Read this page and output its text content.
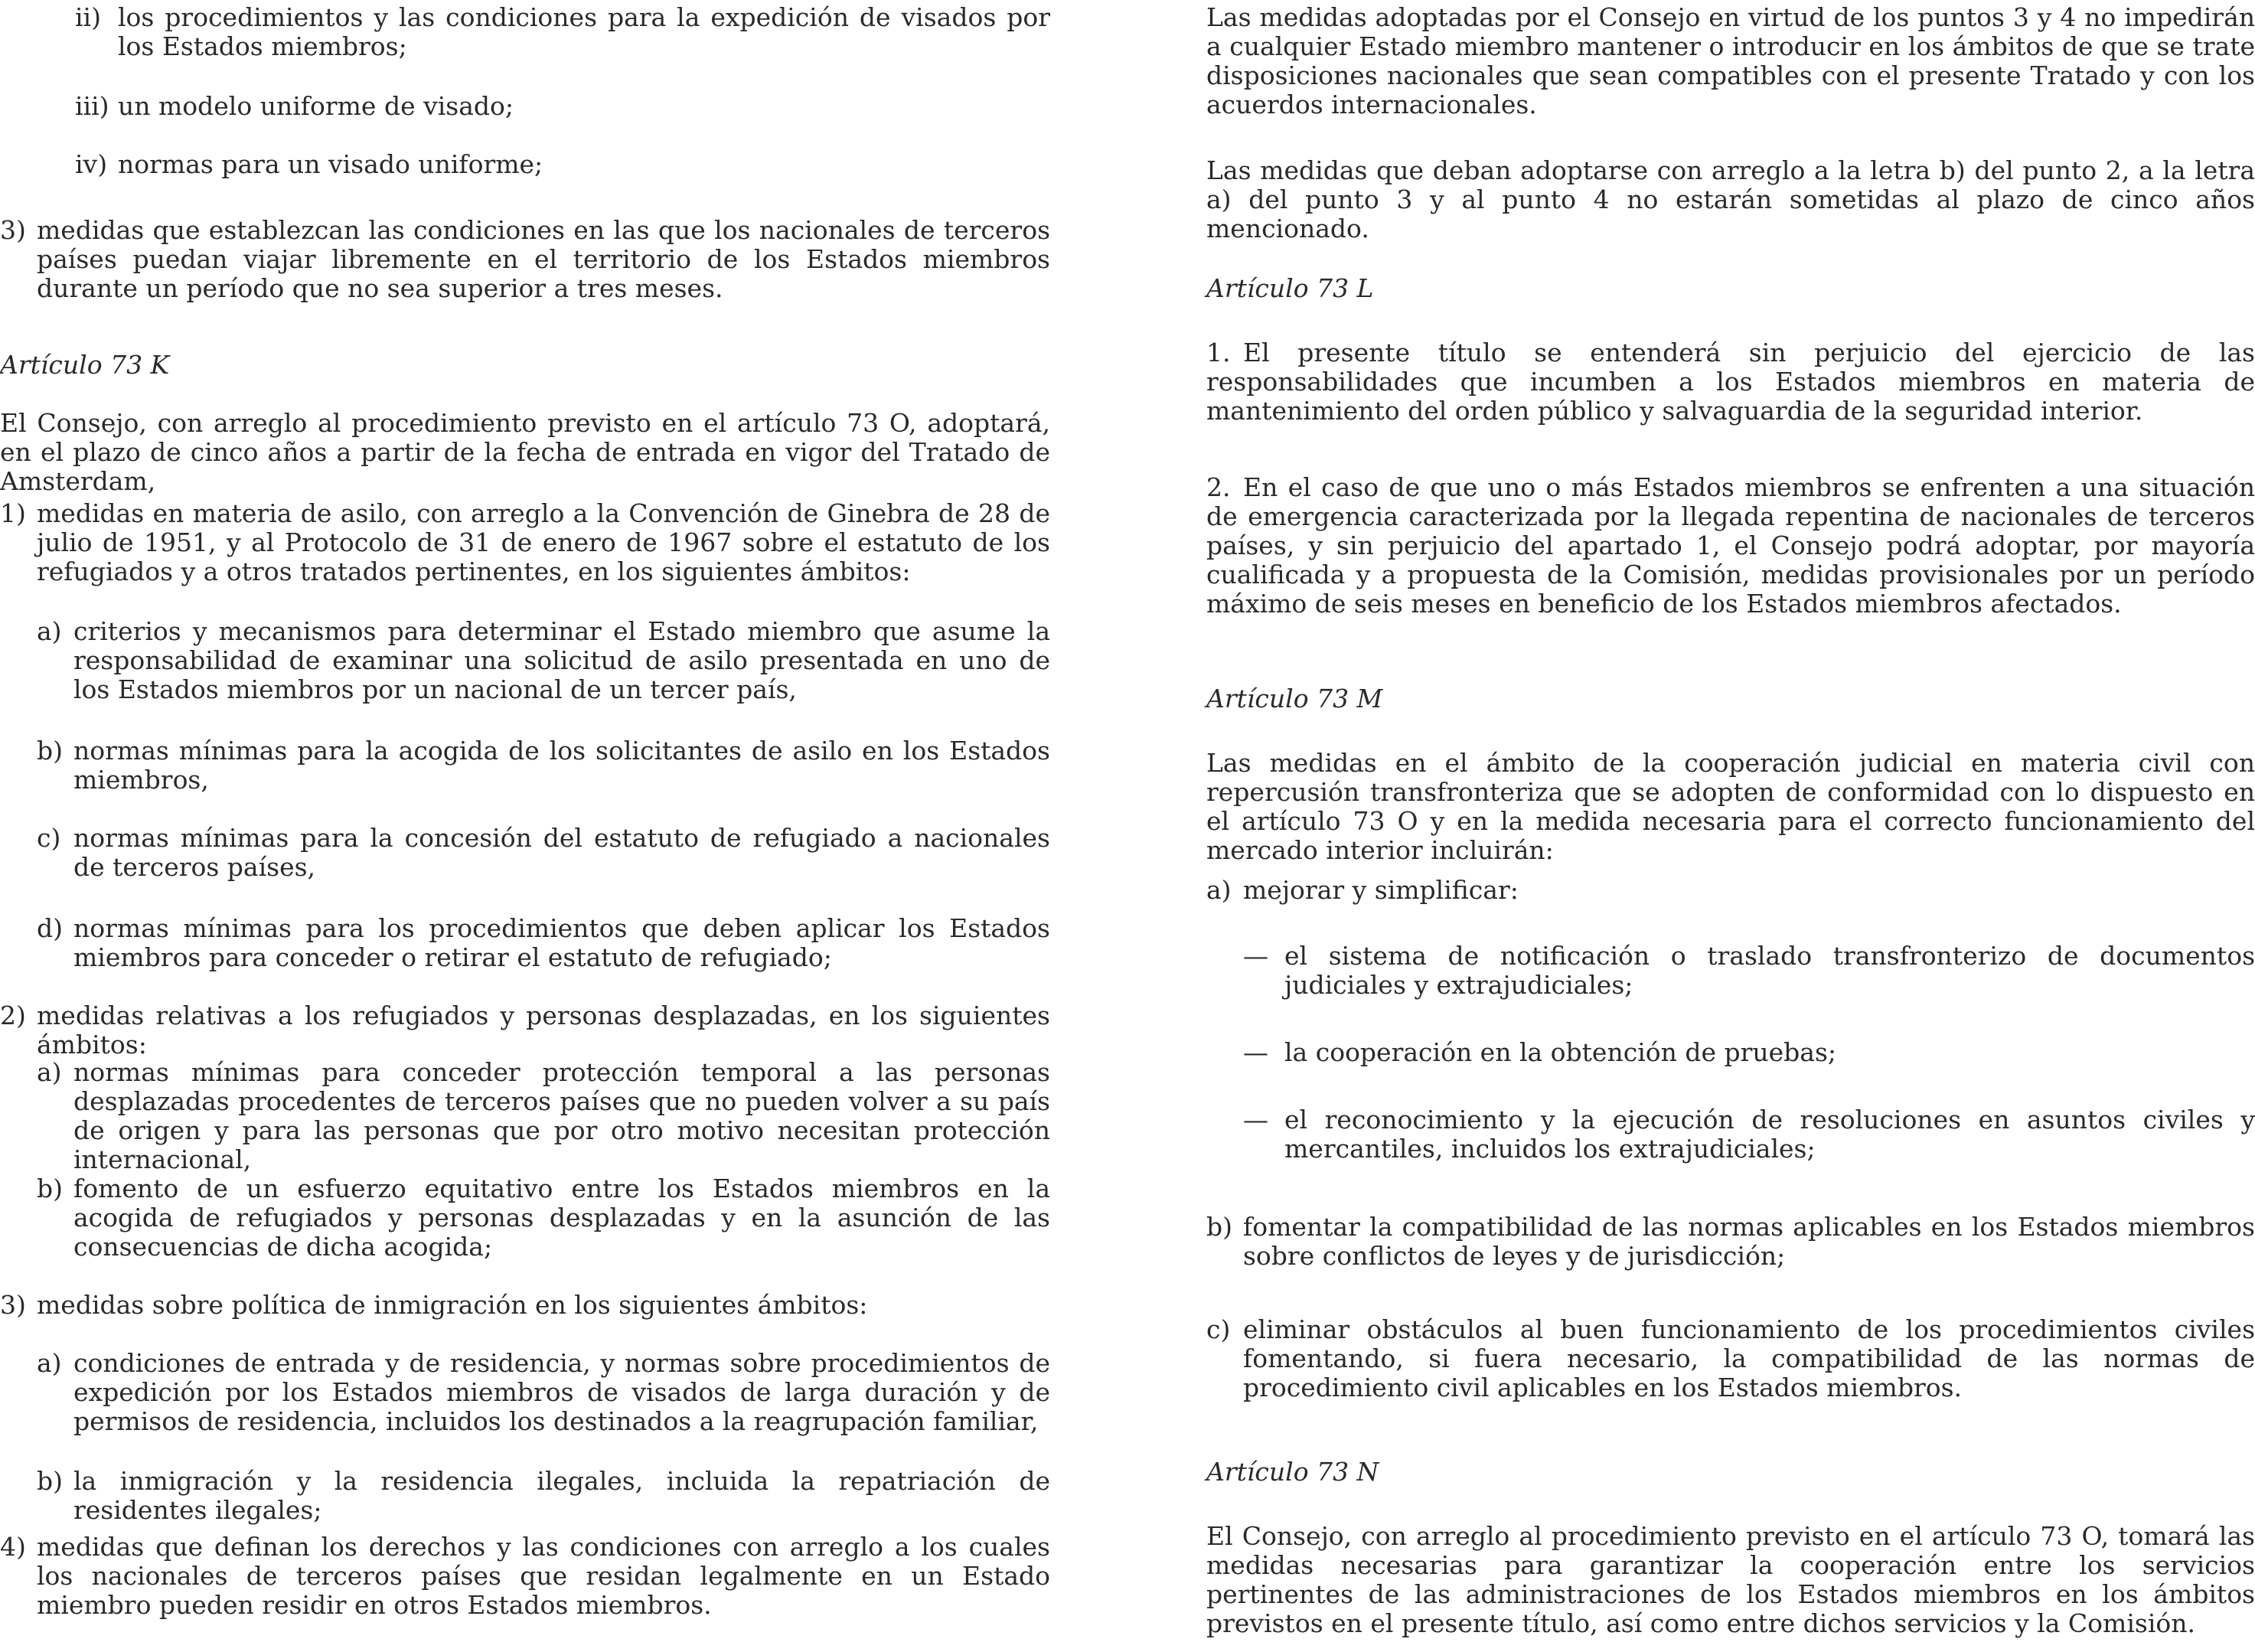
ii) los procedimientos y las condiciones para la expedición de visados por los Estados miembros;
iii) un modelo uniforme de visado;
iv) normas para un visado uniforme;
3) medidas que establezcan las condiciones en las que los nacionales de terceros países puedan viajar libremente en el territorio de los Estados miembros durante un período que no sea superior a tres meses.
Artículo 73 K
El Consejo, con arreglo al procedimiento previsto en el artículo 73 O, adoptará, en el plazo de cinco años a partir de la fecha de entrada en vigor del Tratado de Amsterdam,
1) medidas en materia de asilo, con arreglo a la Convención de Ginebra de 28 de julio de 1951, y al Protocolo de 31 de enero de 1967 sobre el estatuto de los refugiados y a otros tratados pertinentes, en los siguientes ámbitos:
a) criterios y mecanismos para determinar el Estado miembro que asume la responsabilidad de examinar una solicitud de asilo presentada en uno de los Estados miembros por un nacional de un tercer país,
b) normas mínimas para la acogida de los solicitantes de asilo en los Estados miembros,
c) normas mínimas para la concesión del estatuto de refugiado a nacionales de terceros países,
d) normas mínimas para los procedimientos que deben aplicar los Estados miembros para conceder o retirar el estatuto de refugiado;
2) medidas relativas a los refugiados y personas desplazadas, en los siguientes ámbitos:
a) normas mínimas para conceder protección temporal a las personas desplazadas procedentes de terceros países que no pueden volver a su país de origen y para las personas que por otro motivo necesitan protección internacional,
b) fomento de un esfuerzo equitativo entre los Estados miembros en la acogida de refugiados y personas desplazadas y en la asunción de las consecuencias de dicha acogida;
3) medidas sobre política de inmigración en los siguientes ámbitos:
a) condiciones de entrada y de residencia, y normas sobre procedimientos de expedición por los Estados miembros de visados de larga duración y de permisos de residencia, incluidos los destinados a la reagrupación familiar,
b) la inmigración y la residencia ilegales, incluida la repatriación de residentes ilegales;
4) medidas que definan los derechos y las condiciones con arreglo a los cuales los nacionales de terceros países que residan legalmente en un Estado miembro pueden residir en otros Estados miembros.
Las medidas adoptadas por el Consejo en virtud de los puntos 3 y 4 no impedirán a cualquier Estado miembro mantener o introducir en los ámbitos de que se trate disposiciones nacionales que sean compatibles con el presente Tratado y con los acuerdos internacionales.
Las medidas que deban adoptarse con arreglo a la letra b) del punto 2, a la letra a) del punto 3 y al punto 4 no estarán sometidas al plazo de cinco años mencionado.
Artículo 73 L
1. El presente título se entenderá sin perjuicio del ejercicio de las responsabilidades que incumben a los Estados miembros en materia de mantenimiento del orden público y salvaguardia de la seguridad interior.
2. En el caso de que uno o más Estados miembros se enfrenten a una situación de emergencia caracterizada por la llegada repentina de nacionales de terceros países, y sin perjuicio del apartado 1, el Consejo podrá adoptar, por mayoría cualificada y a propuesta de la Comisión, medidas provisionales por un período máximo de seis meses en beneficio de los Estados miembros afectados.
Artículo 73 M
Las medidas en el ámbito de la cooperación judicial en materia civil con repercusión transfronteriza que se adopten de conformidad con lo dispuesto en el artículo 73 O y en la medida necesaria para el correcto funcionamiento del mercado interior incluirán:
a) mejorar y simplificar:
— el sistema de notificación o traslado transfronterizo de documentos judiciales y extrajudiciales;
— la cooperación en la obtención de pruebas;
— el reconocimiento y la ejecución de resoluciones en asuntos civiles y mercantiles, incluidos los extrajudiciales;
b) fomentar la compatibilidad de las normas aplicables en los Estados miembros sobre conflictos de leyes y de jurisdicción;
c) eliminar obstáculos al buen funcionamiento de los procedimientos civiles fomentando, si fuera necesario, la compatibilidad de las normas de procedimiento civil aplicables en los Estados miembros.
Artículo 73 N
El Consejo, con arreglo al procedimiento previsto en el artículo 73 O, tomará las medidas necesarias para garantizar la cooperación entre los servicios pertinentes de las administraciones de los Estados miembros en los ámbitos previstos en el presente título, así como entre dichos servicios y la Comisión.
